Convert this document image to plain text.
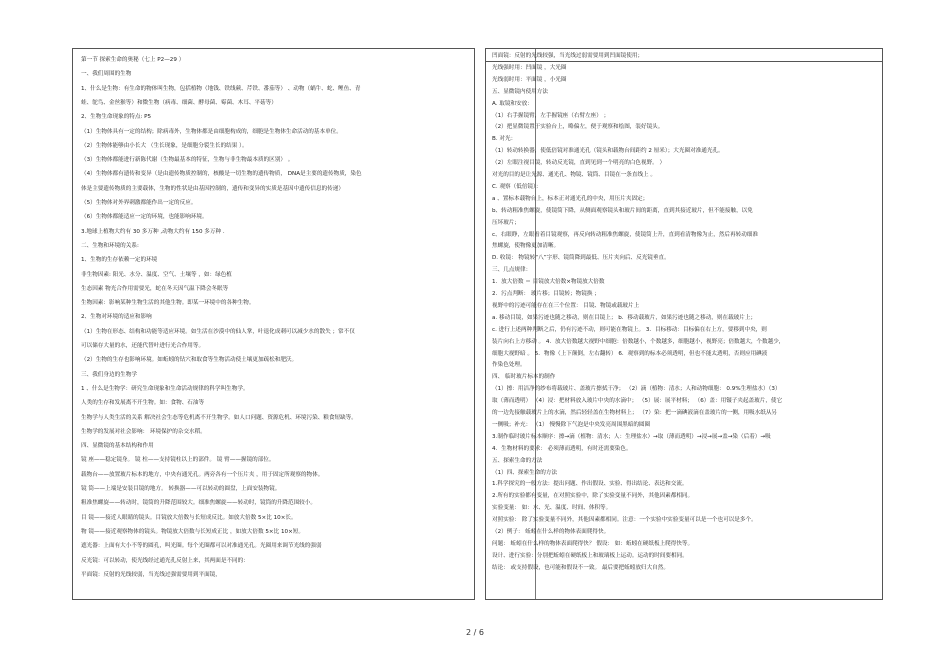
第一节 探索生命的奥秘（七上 P2—29 ）
一、我们周围的生物
1、什么是生物：有生命的物体叫生物，包括植物（地钱、铁线蕨、芹铁、番茄等） 、动物（蜗牛、蛇、鲤鱼、青
蛙、鸵鸟、金丝猴等）和微生物（病毒、细菌、酵母菌、霉菌、木耳、平菇等）
2、生物生命现象的特点: P5
（1）生物体具有一定的结构；除病毒外，生物体都是由细胞构成的，细胞是生物体生命活动的基本单位。
（2）生物体能够由小长大 （生长现象，是细胞分裂生长的结果 ）。
（3）生物体都能进行新陈代谢（生物最基本的特征，生物与非生物最本质的区别） 。
（4）生物体都有遗传和变异（是由遗传物质控制的，核酸是一切生物的遗传物质， DNA是主要的遗传物质，染色
体是主要遗传物质的主要载体，生物的性状是由基因控制的，遗传和变异的实质是基因中遗传信息的传递）
（5）生物体对外界刺激都能作出一定的反应。
（6）生物体都能适应一定的环境，也能影响环境。
3.地球上植物大约有 30 多万种 ,动物大约有 150 多万种 .
二、生物和环境的关系:
1、生物的生存依赖一定的环境
非生物因素: 阳光、水分、温度、空气、土壤等 ，如：绿色植
生态因素 物光合作用需要光，蛇在冬天因气温下降会冬眠等
生物因素：影响某种生物生活的其他生物。即某一环境中的各种生物。
2、生物对环境的适应和影响
（1）生物在形态、结构和功能等适应环境。如生活在沙漠中的仙人掌，叶退化成刺可以减少水的散失 ；常不仅
可以储存大量的水，还能代替叶进行光合作用等。
（2）生物的生存也影响环境。如蚯蚓的钻穴和取食等生物活动使土壤更加疏松和肥沃。
三、我们身边的生物学
1 、什么是生物学：研究生命现象和生命活动规律的科学叫生物学。
人类的生存和发展离不开生物。如：食物、石油等
生物学与人类生活的关系 解决社会生态等危机离不开生物学。如人口问题、资源危机、环境污染、粮食短缺等。
生物学的发展对社会影响： 环境保护的杂交水稻。
四、显微镜的基本结构和作用
镜 座——稳定镜身。 镜 柱——支持镜柱以上的部件。 镜 臂——握镜的部位。
载物台——放置玻片标本的地方，中央有通光孔。两旁各有一个压片夹 ，用于固定所观察的物体。
镜 筒——上端是安装目镜的地方。 转换器——可以转动的圆盘，上面安装物镜。
粗准焦螺旋——转动时，镜筒的升降范围较大。细准焦螺旋——转动时，镜筒的升降范围较小。
目 镜——接近人眼睛的镜头。目镜放大倍数与长短成反比。如放大倍数 5×比 10×长。
物 镜——接近观察物体的镜头。物镜放大倍数与长短成正比 ，如放大倍数 5×比 10×短。
遮光器：上面有大小不等的圆孔，叫光圈。每个光圈都可以对准通光孔。光圈用来调节光线的强弱
反光镜：可以转动，使光线经过通光孔反射上来，其两面是不同的：
平面镜：反射的光线较弱，当光线过强需要用到平面镜，
凹面镜：反射的光线较强，当光线过弱需要用到凹面镜使用；
光线强时用：凹面镜 ，大光圈
光线弱时用：平面镜 ，小光圈
五、显微镜内使用方法
A. 取镜和安放：
（1）右手握镜臂，左手握镜座（右臂左座） ；
（2）把显微镜置于实验台上，略偏左，便于观察和绘图，装好镜头。
B. 对光：
（1）转动转换器，使低倍镜对准通光孔（镜头和载物台间距约 2 厘米）；大光圈对准通光孔。
（2）左眼注视目镜，转动反光镜，直到见到一个明亮的白色视野。 ）
对光的目的是让光源、通光孔、物镜、镜筒、目镜在一条直线上 。
C. 观察（低倍镜）：
a 、置标本载物台上，标本正对通光孔的中央，用压片夹固定；
b、转动粗准焦螺旋，使镜筒下降，从侧面观察镜头和玻片间的距离，直到其接近玻片，但不能接触，以免
压坏玻片；
c、右眼睁，左眼看着目镜观察，再反向转动粗准焦螺旋，使镜筒上升，直到看清物像为止，然后再转动细准
焦螺旋，使物像更加清晰。
D. 收镜： 物镜转“八”字形、镜筒降到最低、压片夹向后、反光镜垂直。
三、几点规律：
1．放大倍数 ＝ 目镜放大倍数×物镜放大倍数
2．污点判断： 玻片移；目镜转；物镜换 ；
视野中的污迹可能存在在三个位置： 目镜、物镜或载玻片上
a. 移动目镜，如果污迹也随之移动，则在目镜上； b．移动载玻片，如果污迹也随之移动，则在载玻片上；
c. 进行上述两种判断之后，仍有污迹不动，则可能在物镜上。 3．目标移动：目标偏在右上方，要移到中央，则
装片向右上方移动 。 4．放大倍数越大视野中细胞：倍数越小，个数越多，细胞越小，视野亮；倍数越大，个数越少，
细胞大视野暗 。 5．物像（上下颠倒，左右翻转） 6．观察到的标本必须透明，但也不能太透明，否则应用碘液
作染色处理。
四、 临时玻片标本的制作
（1）擦：用洁净的纱布将载玻片、盖玻片擦拭干净； （2）滴（植物：清水；人和动物细胞： 0.9%生理盐水）（3）
取（薄而透明） （4）浸：把材料放入玻片中央的水滴中； （5）展：展平材料； （6）盖：用镊子夹起盖玻片，使它
的一边先接触载玻片上的水滴，然后轻轻盖在生物材料上； （7）染：把一滴碘液滴在盖玻片的一侧，用吸水纸从另
一侧吸；补充： （1） 慢慢除下气泡是中央发亮周围黑暗的圆圈
3.制作临时玻片标本顺序：擦→滴（植物：清水；人：生理盐水）→取（薄而透明）→浸→展→盖→染（后着）→吸
4．生物材料的要求： 必须薄而透明，有时还需要染色。
五、探索生命的方法
（1）四、探索生命的方法
1.科学探究的一般方法：提出问题、作出假设、实验、得出结论、表达和交流。
2.所有的实验都有变量，在对照实验中，除了实验变量不同外，其他因素都相同。
实验变量： 如：水、光、温度、时间、体积等。
对照实验： 除了实验变量不同外，其他因素都相同。注意：一个实验中实验变量可以是一个也可以是多个。
（2）例子： 蚯蚓在什么样的物体表面爬得快。
问题： 蚯蚓在什么样的物体表面爬得快？ 假设： 如：蚯蚓在硬纸板上爬得快等。
设计、进行实验：分别把蚯蚓在硬纸板上和玻璃板上运动。运动的时间要相同。
结论： 或支持假设，也可能和假设不一致。 最后要把蚯蚓放归大自然。
2 / 6
